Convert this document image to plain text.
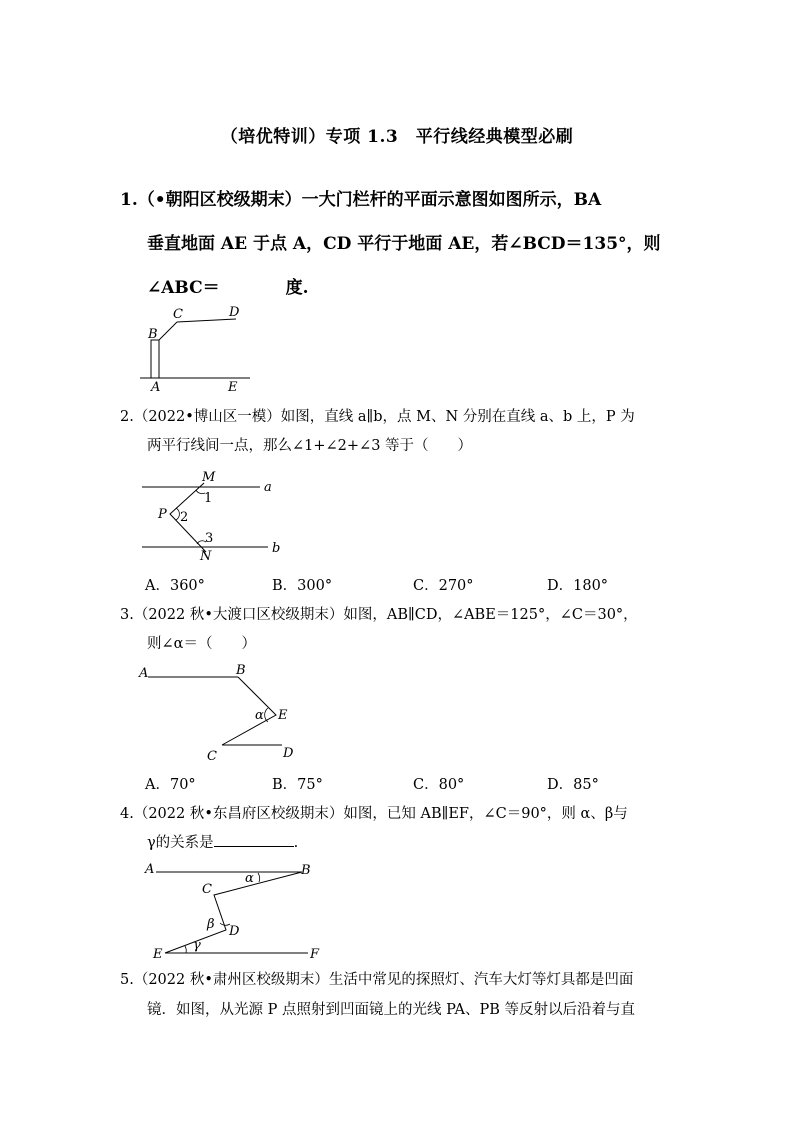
（培优特训）专项 1.3　平行线经典模型必刷
1.（•朝阳区校级期末）一大门栏杆的平面示意图如图所示，BA
垂直地面 AE 于点 A，CD 平行于地面 AE，若∠BCD＝135°，则
∠ABC＝	度.
B
C	D
A	E
2.（2022•博山区一模）如图，直线 a∥b，点 M、N 分别在直线 a、b 上，P 为
两平行线间一点，那么∠1+∠2+∠3 等于（　　）
M
a
1
P 2
3
N
b
A．360°	B．300°	C．270°	D．180°
3.（2022 秋•大渡口区校级期末）如图，AB∥CD，∠ABE＝125°，∠C＝30°，
则∠α＝（　　）
A	B
α E
C	D
A．70°	B．75°	C．80°	D．85°
4.（2022 秋•东昌府区校级期末）如图，已知 AB∥EF，∠C＝90°，则 α、β与
γ的关系是	.
A	B
α
C
β D
E
γ
F
5.（2022 秋•肃州区校级期末）生活中常见的探照灯、汽车大灯等灯具都是凹面
镜．如图，从光源 P 点照射到凹面镜上的光线 PA、PB 等反射以后沿着与直
